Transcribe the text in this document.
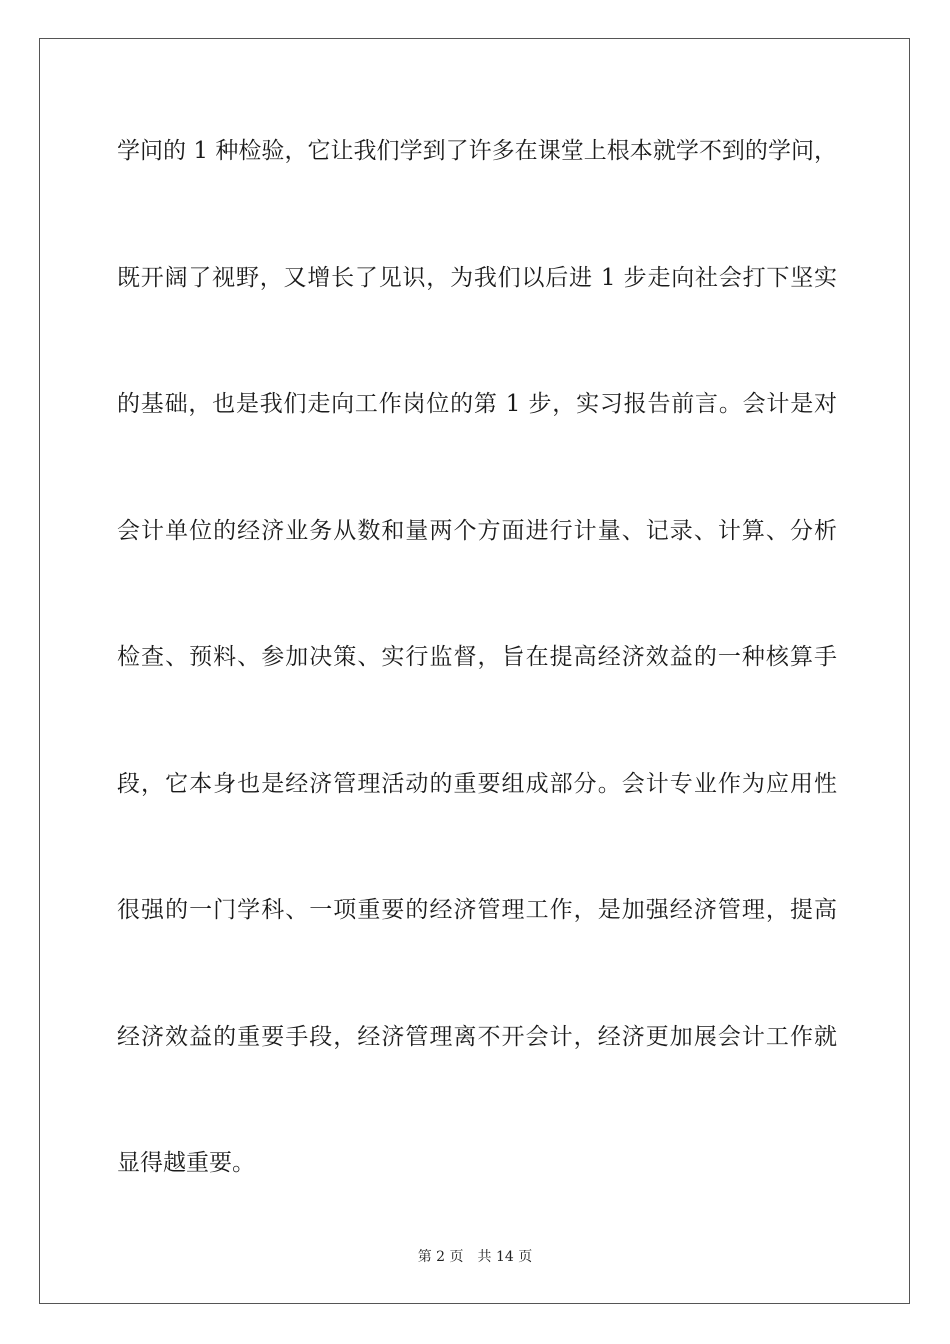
学问的 1 种检验，它让我们学到了许多在课堂上根本就学不到的学问，
既开阔了视野，又增长了见识，为我们以后进 1 步走向社会打下坚实
的基础，也是我们走向工作岗位的第 1 步，实习报告前言。会计是对
会计单位的经济业务从数和量两个方面进行计量、记录、计算、分析
检查、预料、参加决策、实行监督，旨在提高经济效益的一种核算手
段，它本身也是经济管理活动的重要组成部分。会计专业作为应用性
很强的一门学科、一项重要的经济管理工作，是加强经济管理，提高
经济效益的重要手段，经济管理离不开会计，经济更加展会计工作就
显得越重要。
第 2 页 共 14 页
